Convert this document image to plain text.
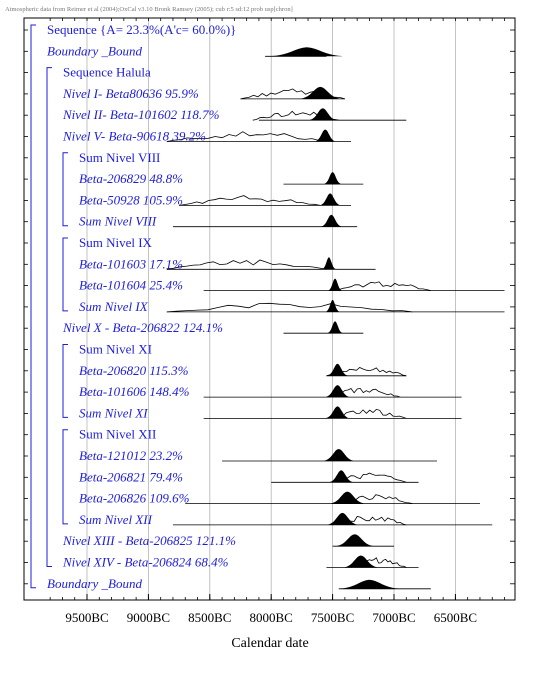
Atmospheric data from Reimer et al (2004);OxCal v3.10 Bronk Ramsey (2005); cub r:5 sd:12 prob usp[chron]
Sequence {A= 23.3%(A'c= 60.0%)}
Boundary _Bound
Sequence Halula
Nivel I- Beta80636 95.9%
Nivel II- Beta-101602 118.7%
Nivel V- Beta-90618 39.2%
Sum Nivel VIII
Beta-206829 48.8%
Beta-50928 105.9%
Sum Nivel VIII
Sum Nivel IX
Beta-101603 17.1%
Beta-101604 25.4%
Sum Nivel IX
Nivel X - Beta-206822 124.1%
Sum Nivel XI
Beta-206820 115.3%
Beta-101606 148.4%
Sum Nivel XI
Sum Nivel XII
Beta-121012 23.2%
Beta-206821 79.4%
Beta-206826 109.6%
Sum Nivel XII
Nivel XIII - Beta-206825 121.1%
Nivel XIV - Beta-206824 68.4%
Boundary _Bound
9500BC 9000BC 8500BC 8000BC 7500BC 7000BC 6500BC
Calendar date
